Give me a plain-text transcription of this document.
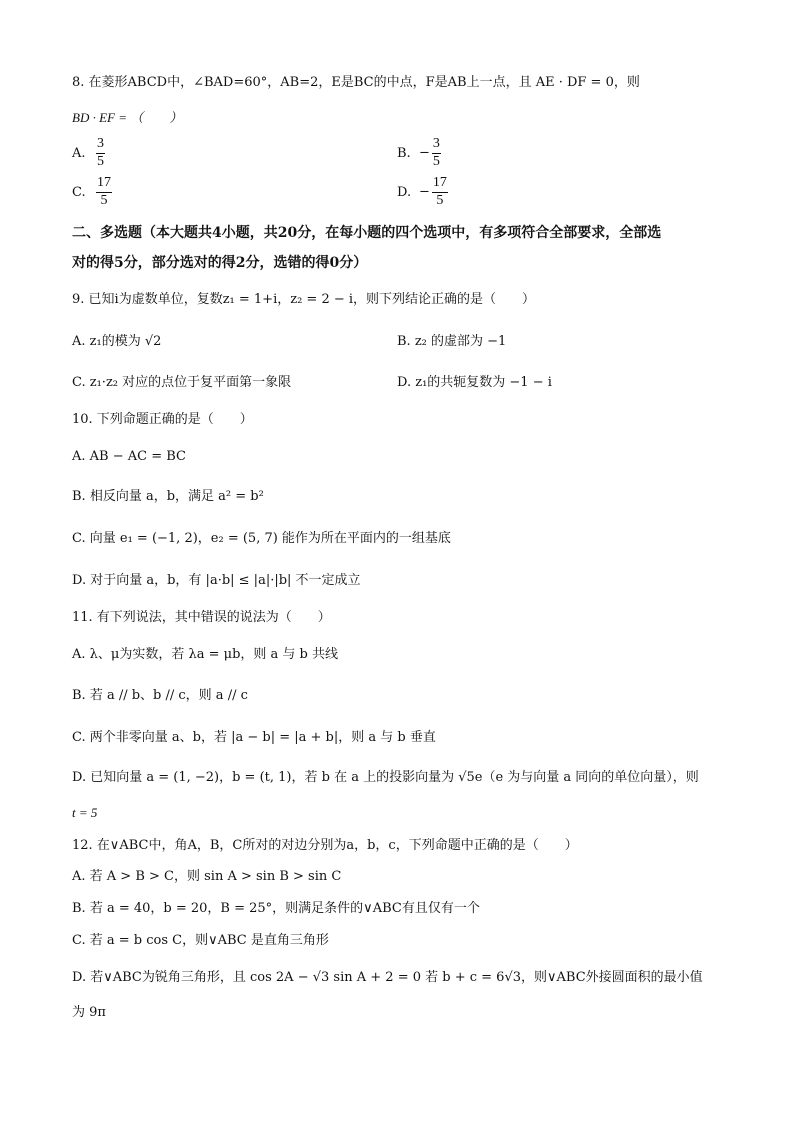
8. 在菱形ABCD中，∠BAD=60°，AB=2，E是BC的中点，F是AB上一点，且 AE · DF = 0，则
BD · EF = （　　）
A. $\frac{3}{5}$	B. − $\frac{3}{5}$
C. $\frac{17}{5}$	D. − $\frac{17}{5}$
二、多选题（本大题共4小题，共20分，在每小题的四个选项中，有多项符合全部要求，全部选
对的得5分，部分选对的得2分，选错的得0分）
9. 已知i为虚数单位，复数z₁ = 1+i，z₂ = 2 − i，则下列结论正确的是（　　）
A. z₁的模为 √2	B. z₂ 的虚部为 −1
C. z₁·z₂ 对应的点位于复平面第一象限	D. z₁的共轭复数为 −1 − i
10. 下列命题正确的是（　　）
A. AB − AC = BC
B. 相反向量 a，b，满足 a² = b²
C. 向量 e₁ = (−1, 2)，e₂ = (5, 7) 能作为所在平面内的一组基底
D. 对于向量 a，b，有 |a·b| ≤ |a|·|b| 不一定成立
11. 有下列说法，其中错误的说法为（　　）
A. λ、μ为实数，若 λa = μb，则 a 与 b 共线
B. 若 a // b、b // c，则 a // c
C. 两个非零向量 a、b，若 |a − b| = |a + b|，则 a 与 b 垂直
D. 已知向量 a = (1, −2)，b = (t, 1)，若 b 在 a 上的投影向量为 √5e（e 为与向量 a 同向的单位向量），则
t = 5
12. 在∨ABC中，角A，B，C所对的对边分别为a，b，c，下列命题中正确的是（　　）
A. 若 A > B > C，则 sin A > sin B > sin C
B. 若 a = 40，b = 20，B = 25°，则满足条件的∨ABC有且仅有一个
C. 若 a = b cos C，则∨ABC 是直角三角形
D. 若∨ABC为锐角三角形，且 cos 2A − √3 sin A + 2 = 0 若 b + c = 6√3，则∨ABC外接圆面积的最小值
为 9π
